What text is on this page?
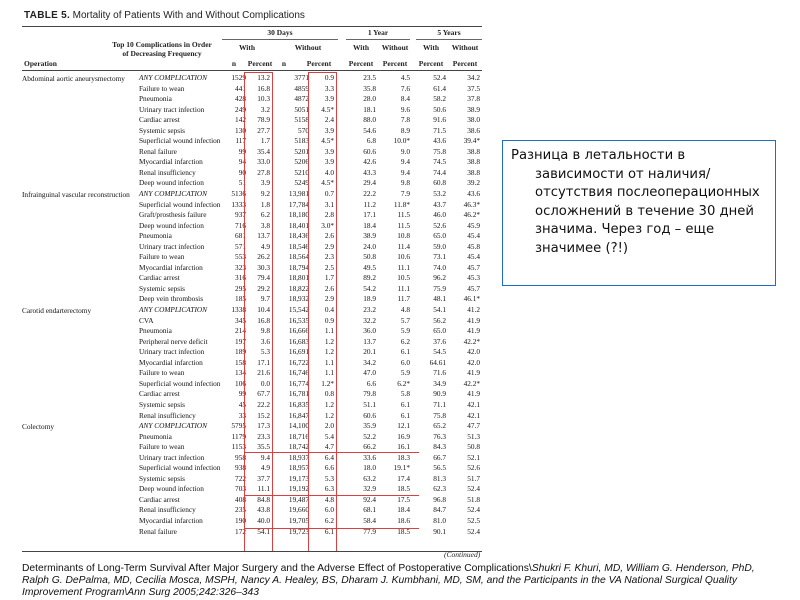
TABLE 5. Mortality of Patients With and Without Complications
30 Days	1 Year	5 Years
Top 10 Complications in Order of Decreasing Frequency
Operation
With	Without	With	Without	With	Without
n	Percent	n	Percent	Percent	Percent	Percent	Percent
Abdominal aortic aneurysmectomy	ANY COMPLICATION	1529	13.2	3771	0.9	23.5	4.5	52.4	34.2
Failure to wean	441	16.8	4859	3.3	35.8	7.6	61.4	37.5
Pneumonia	428	10.3	4872	3.9	28.0	8.4	58.2	37.8
Urinary tract infection	249	3.2	5051	4.5*	18.1	9.6	50.6	38.9
Cardiac arrest	142	78.9	5158	2.4	88.0	7.8	91.6	38.0
Systemic sepsis	130	27.7	570	3.9	54.6	8.9	71.5	38.6
Superficial wound infection	117	1.7	5183	4.5*	6.8	10.0*	43.6	39.4*
Renal failure	99	35.4	5201	3.9	60.6	9.0	75.8	38.8
Myocardial infarction	94	33.0	5206	3.9	42.6	9.4	74.5	38.8
Renal insufficiency	90	27.8	5210	4.0	43.3	9.4	74.4	38.8
Deep wound infection	51	3.9	5249	4.5*	29.4	9.8	60.8	39.2
Infrainguinal vascular reconstruction	ANY COMPLICATION	5136	9.2	13,981	0.7	22.2	7.9	53.2	43.6
Superficial wound infection	1333	1.8	17,784	3.1	11.2	11.8*	43.7	46.3*
Graft/prosthesis failure	937	6.2	18,180	2.8	17.1	11.5	46.0	46.2*
Deep wound infection	716	3.8	18,401	3.0*	18.4	11.5	52.6	45.9
Pneumonia	681	13.7	18,436	2.6	38.9	10.8	65.0	45.4
Urinary tract infection	571	4.9	18,546	2.9	24.0	11.4	59.0	45.8
Failure to wean	553	26.2	18,564	2.3	50.8	10.6	73.1	45.4
Myocardial infarction	323	30.3	18,794	2.5	49.5	11.1	74.0	45.7
Cardiac arrest	316	79.4	18,801	1.7	89.2	10.5	96.2	45.3
Systemic sepsis	295	29.2	18,822	2.6	54.2	11.1	75.9	45.7
Deep vein thrombosis	185	9.7	18,932	2.9	18.9	11.7	48.1	46.1*
Carotid endarterectomy	ANY COMPLICATION	1338	10.4	15,542	0.4	23.2	4.8	54.1	41.2
CVA	345	16.8	16,535	0.9	32.2	5.7	56.2	41.9
Pneumonia	214	9.8	16,666	1.1	36.0	5.9	65.0	41.9
Peripheral nerve deficit	197	3.6	16,683	1.2	13.7	6.2	37.6	42.2*
Urinary tract infection	189	5.3	16,691	1.2	20.1	6.1	54.5	42.0
Myocardial infarction	158	17.1	16,722	1.1	34.2	6.0	64.61	42.0
Failure to wean	134	21.6	16,746	1.1	47.0	5.9	71.6	41.9
Superficial wound infection	106	0.0	16,774	1.2*	6.6	6.2*	34.9	42.2*
Cardiac arrest	99	67.7	16,781	0.8	79.8	5.8	90.9	41.9
Systemic sepsis	45	22.2	16,835	1.2	51.1	6.1	71.1	42.1
Renal insufficiency	33	15.2	16,847	1.2	60.6	6.1	75.8	42.1
Colectomy	ANY COMPLICATION	5795	17.3	14,100	2.0	35.9	12.1	65.2	47.7
Pneumonia	1179	23.3	18,716	5.4	52.2	16.9	76.3	51.3
Failure to wean	1153	35.5	18,742	4.7	66.2	16.1	84.3	50.8
Urinary tract infection	958	9.4	18,937	6.4	33.6	18.3	66.7	52.1
Superficial wound infection	938	4.9	18,957	6.6	18.0	19.1*	56.5	52.6
Systemic sepsis	722	37.7	19,173	5.3	63.2	17.4	81.3	51.7
Deep wound infection	703	11.1	19,192	6.3	32.9	18.5	62.3	52.4
Cardiac arrest	408	84.8	19,487	4.8	92.4	17.5	96.8	51.8
Renal insufficiency	235	43.8	19,660	6.0	68.1	18.4	84.7	52.4
Myocardial infarction	190	40.0	19,705	6.2	58.4	18.6	81.0	52.5
Renal failure	172	54.1	19,723	6.1	77.9	18.5	90.1	52.4
(Continued)
Разница в летальности в зависимости от наличия/отсутствия послеоперационных осложнений в течение 30 дней значима. Через год – еще значимее (?!)
Determinants of Long-Term Survival After Major Surgery and the Adverse Effect of Postoperative Complications\Shukri F. Khuri, MD, William G. Henderson, PhD, Ralph G. DePalma, MD, Cecilia Mosca, MSPH, Nancy A. Healey, BS, Dharam J. Kumbhani, MD, SM, and the Participants in the VA National Surgical Quality Improvement Program\Ann Surg 2005;242:326–343
